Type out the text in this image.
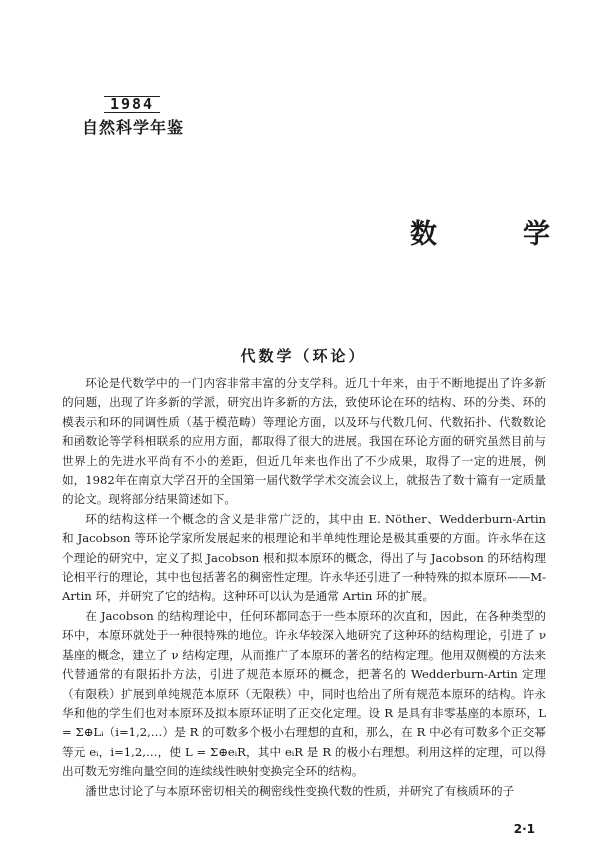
1984
自然科学年鉴
数	学
代数学（环论）

环论是代数学中的一门内容非常丰富的分支学科。近几十年来，由于不断地提出了许多新的问题，出现了许多新的学派，研究出许多新的方法，致使环论在环的结构、环的分类、环的模表示和环的同调性质（基于模范畴）等理论方面，以及环与代数几何、代数拓扑、代数数论和函数论等学科相联系的应用方面，都取得了很大的进展。我国在环论方面的研究虽然目前与世界上的先进水平尚有不小的差距，但近几年来也作出了不少成果，取得了一定的进展，例如，1982年在南京大学召开的全国第一届代数学学术交流会议上，就报告了数十篇有一定质量的论文。现将部分结果简述如下。

环的结构这样一个概念的含义是非常广泛的，其中由 E. Nöther、Wedderburn-Artin 和 Jacobson 等环论学家所发展起来的根理论和半单纯性理论是极其重要的方面。许永华在这个理论的研究中，定义了拟 Jacobson 根和拟本原环的概念，得出了与 Jacobson 的环结构理论相平行的理论，其中也包括著名的稠密性定理。许永华还引进了一种特殊的拟本原环——M-Artin 环，并研究了它的结构。这种环可以认为是通常 Artin 环的扩展。

在 Jacobson 的结构理论中，任何环都同态于一些本原环的次直和，因此，在各种类型的环中，本原环就处于一种很特殊的地位。许永华较深入地研究了这种环的结构理论，引进了 ν 基座的概念，建立了 ν 结构定理，从而推广了本原环的著名的结构定理。他用双侧模的方法来代替通常的有限拓扑方法，引进了规范本原环的概念，把著名的 Wedderburn-Artin 定理（有限秩）扩展到单纯规范本原环（无限秩）中，同时也给出了所有规范本原环的结构。许永华和他的学生们也对本原环及拟本原环证明了正交化定理。设 R 是具有非零基座的本原环，L = Σ⊕Lᵢ（i=1,2,…）是 R 的可数多个极小右理想的直和，那么，在 R 中必有可数多个正交幂等元 eᵢ，i=1,2,…，使 L = Σ⊕eᵢR，其中 eᵢR 是 R 的极小右理想。利用这样的定理，可以得出可数无穷维向量空间的连续线性映射变换完全环的结构。

潘世忠讨论了与本原环密切相关的稠密线性变换代数的性质，并研究了有核质环的子

2·1
